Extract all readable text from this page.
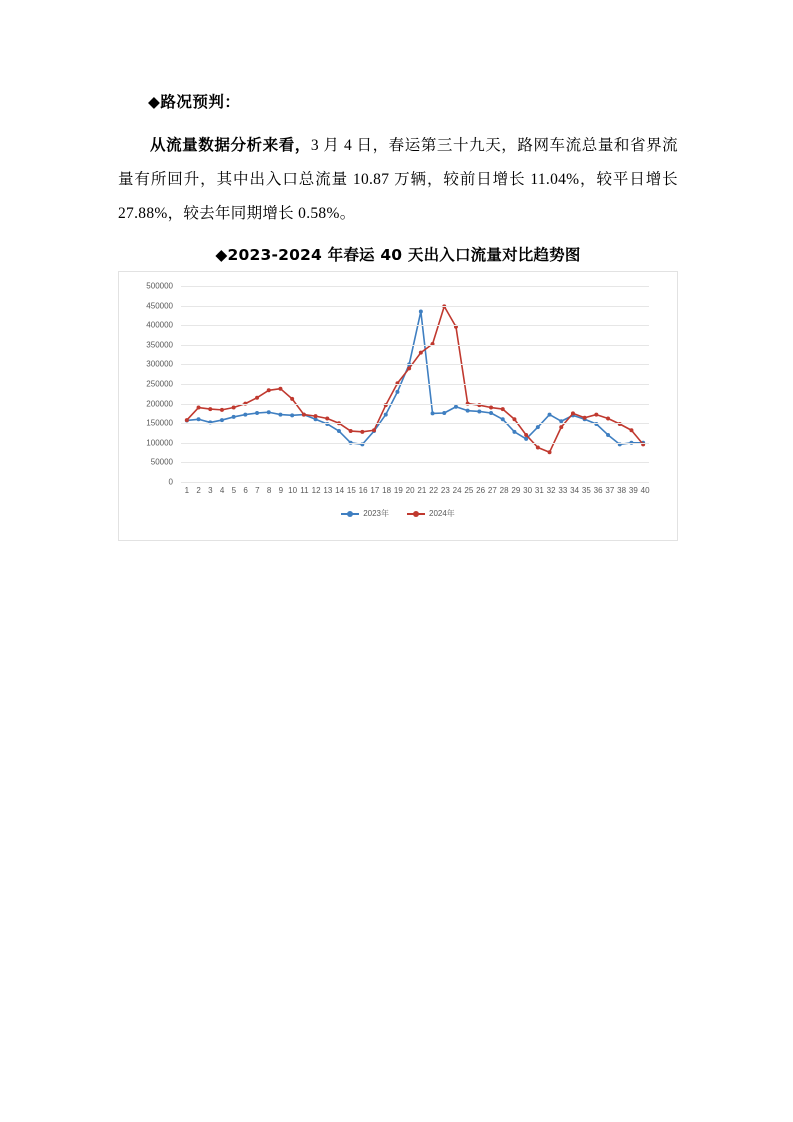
◆路况预判：

从流量数据分析来看，3 月 4 日，春运第三十九天，路网车流总量和省界流量有所回升，其中出入口总流量 10.87 万辆，较前日增长 11.04%，较平日增长 27.88%，较去年同期增长 0.58%。

◆2023-2024 年春运 40 天出入口流量对比趋势图
0
50000
100000
150000
200000
250000
300000
350000
400000
450000
500000
1 2 3 4 5 6 7 8 9 10 11 12 13 14 15 16 17 18 19 20 21 22 23 24 25 26 27 28 29 30 31 32 33 34 35 36 37 38 39 40
2023年	2024年
